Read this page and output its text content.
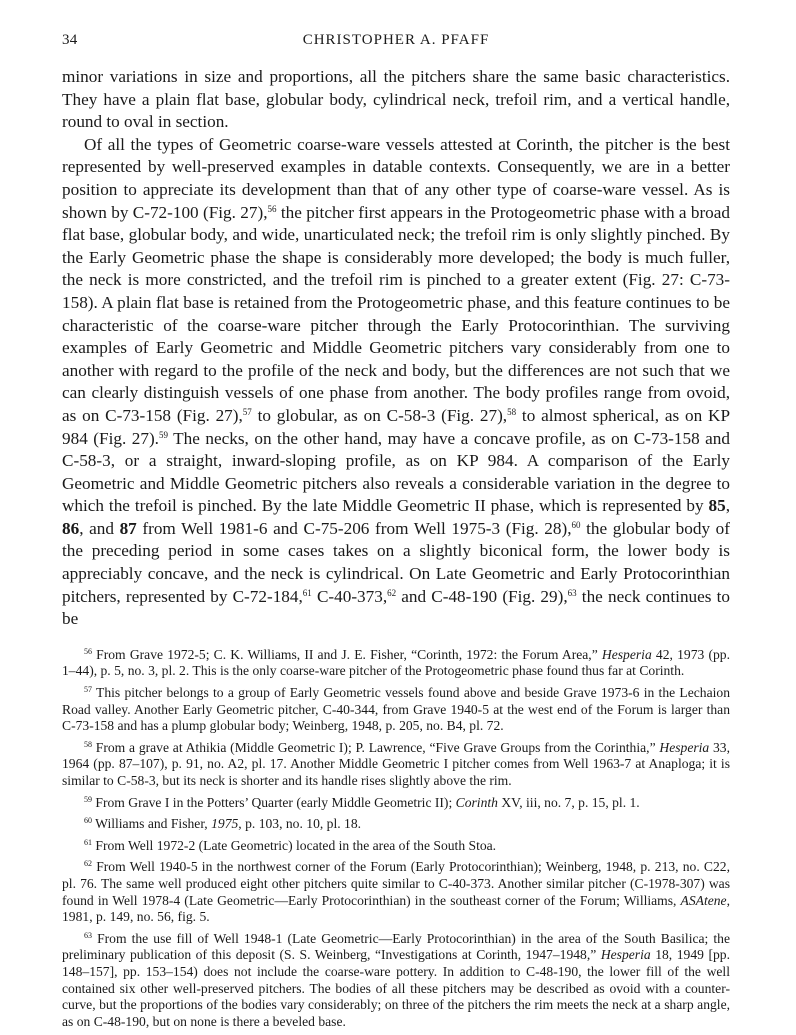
34	CHRISTOPHER A. PFAFF

minor variations in size and proportions, all the pitchers share the same basic characteristics. They have a plain flat base, globular body, cylindrical neck, trefoil rim, and a vertical handle, round to oval in section.

Of all the types of Geometric coarse-ware vessels attested at Corinth, the pitcher is the best represented by well-preserved examples in datable contexts. Consequently, we are in a better position to appreciate its development than that of any other type of coarse-ware vessel. As is shown by C-72-100 (Fig. 27),$^{56}$ the pitcher first appears in the Protogeometric phase with a broad flat base, globular body, and wide, unarticulated neck; the trefoil rim is only slightly pinched. By the Early Geometric phase the shape is considerably more developed; the body is much fuller, the neck is more constricted, and the trefoil rim is pinched to a greater extent (Fig. 27: C-73-158). A plain flat base is retained from the Protogeometric phase, and this feature continues to be characteristic of the coarse-ware pitcher through the Early Protocorinthian. The surviving examples of Early Geometric and Middle Geometric pitchers vary considerably from one to another with regard to the profile of the neck and body, but the differences are not such that we can clearly distinguish vessels of one phase from another. The body profiles range from ovoid, as on C-73-158 (Fig. 27),$^{57}$ to globular, as on C-58-3 (Fig. 27),$^{58}$ to almost spherical, as on KP 984 (Fig. 27).$^{59}$ The necks, on the other hand, may have a concave profile, as on C-73-158 and C-58-3, or a straight, inward-sloping profile, as on KP 984. A comparison of the Early Geometric and Middle Geometric pitchers also reveals a considerable variation in the degree to which the trefoil is pinched. By the late Middle Geometric II phase, which is represented by 85, 86, and 87 from Well 1981-6 and C-75-206 from Well 1975-3 (Fig. 28),$^{60}$ the globular body of the preceding period in some cases takes on a slightly biconical form, the lower body is appreciably concave, and the neck is cylindrical. On Late Geometric and Early Protocorinthian pitchers, represented by C-72-184,61 C-40-373,62 and C-48-190 (Fig. 29),$^{63}$ the neck continues to be

$^{56}$ From Grave 1972-5; C. K. Williams, II and J. E. Fisher, “Corinth, 1972: the Forum Area,” Hesperia 42, 1973 (pp. 1–44), p. 5, no. 3, pl. 2. This is the only coarse-ware pitcher of the Protogeometric phase found thus far at Corinth.

$^{57}$ This pitcher belongs to a group of Early Geometric vessels found above and beside Grave 1973-6 in the Lechaion Road valley. Another Early Geometric pitcher, C-40-344, from Grave 1940-5 at the west end of the Forum is larger than C-73-158 and has a plump globular body; Weinberg, 1948, p. 205, no. B4, pl. 72.

$^{58}$ From a grave at Athikia (Middle Geometric I); P. Lawrence, “Five Grave Groups from the Corinthia,” Hesperia 33, 1964 (pp. 87–107), p. 91, no. A2, pl. 17. Another Middle Geometric I pitcher comes from Well 1963-7 at Anaploga; it is similar to C-58-3, but its neck is shorter and its handle rises slightly above the rim.

$^{59}$ From Grave I in the Potters’ Quarter (early Middle Geometric II); Corinth XV, iii, no. 7, p. 15, pl. 1.

$^{60}$ Williams and Fisher, 1975, p. 103, no. 10, pl. 18.

$^{61}$ From Well 1972-2 (Late Geometric) located in the area of the South Stoa.

$^{62}$ From Well 1940-5 in the northwest corner of the Forum (Early Protocorinthian); Weinberg, 1948, p. 213, no. C22, pl. 76. The same well produced eight other pitchers quite similar to C-40-373. Another similar pitcher (C-1978-307) was found in Well 1978-4 (Late Geometric—Early Protocorinthian) in the southeast corner of the Forum; Williams, ASAtene, 1981, p. 149, no. 56, fig. 5.

$^{63}$ From the use fill of Well 1948-1 (Late Geometric—Early Protocorinthian) in the area of the South Basilica; the preliminary publication of this deposit (S. S. Weinberg, “Investigations at Corinth, 1947–1948,” Hesperia 18, 1949 [pp. 148–157], pp. 153–154) does not include the coarse-ware pottery. In addition to C-48-190, the lower fill of the well contained six other well-preserved pitchers. The bodies of all these pitchers may be described as ovoid with a counter-curve, but the proportions of the bodies vary considerably; on three of the pitchers the rim meets the neck at a sharp angle, as on C-48-190, but on none is there a beveled base.
